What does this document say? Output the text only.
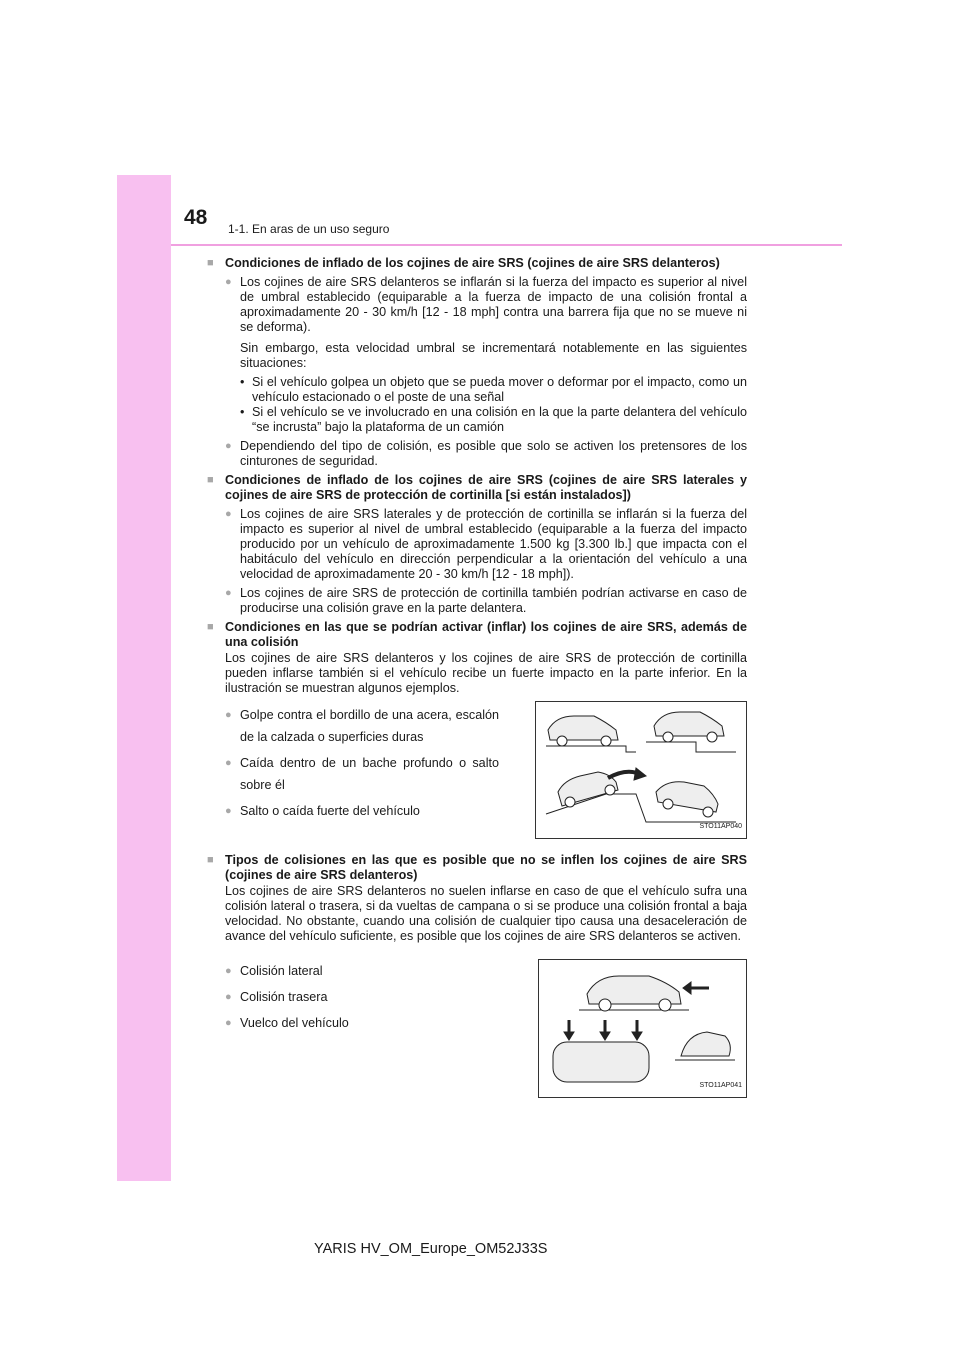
48 1-1. En aras de un uso seguro
■ Condiciones de inflado de los cojines de aire SRS (cojines de aire SRS delanteros)
● Los cojines de aire SRS delanteros se inflarán si la fuerza del impacto es superior al nivel de umbral establecido (equiparable a la fuerza de impacto de una colisión frontal a aproximadamente 20 - 30 km/h [12 - 18 mph] contra una barrera fija que no se mueve ni se deforma).
Sin embargo, esta velocidad umbral se incrementará notablemente en las siguientes situaciones:
• Si el vehículo golpea un objeto que se pueda mover o deformar por el impacto, como un vehículo estacionado o el poste de una señal
• Si el vehículo se ve involucrado en una colisión en la que la parte delantera del vehículo “se incrusta” bajo la plataforma de un camión
● Dependiendo del tipo de colisión, es posible que solo se activen los pretensores de los cinturones de seguridad.
■ Condiciones de inflado de los cojines de aire SRS (cojines de aire SRS laterales y cojines de aire SRS de protección de cortinilla [si están instalados])
● Los cojines de aire SRS laterales y de protección de cortinilla se inflarán si la fuerza del impacto es superior al nivel de umbral establecido (equiparable a la fuerza del impacto producido por un vehículo de aproximadamente 1.500 kg [3.300 lb.] que impacta con el habitáculo del vehículo en dirección perpendicular a la orientación del vehículo a una velocidad de aproximadamente 20 - 30 km/h [12 - 18 mph]).
● Los cojines de aire SRS de protección de cortinilla también podrían activarse en caso de producirse una colisión grave en la parte delantera.
■ Condiciones en las que se podrían activar (inflar) los cojines de aire SRS, además de una colisión
Los cojines de aire SRS delanteros y los cojines de aire SRS de protección de cortinilla pueden inflarse también si el vehículo recibe un fuerte impacto en la parte inferior. En la ilustración se muestran algunos ejemplos.
● Golpe contra el bordillo de una acera, escalón de la calzada o superficies duras
● Caída dentro de un bache profundo o salto sobre él
● Salto o caída fuerte del vehículo
STO11AP040
■ Tipos de colisiones en las que es posible que no se inflen los cojines de aire SRS (cojines de aire SRS delanteros)
Los cojines de aire SRS delanteros no suelen inflarse en caso de que el vehículo sufra una colisión lateral o trasera, si da vueltas de campana o si se produce una colisión frontal a baja velocidad. No obstante, cuando una colisión de cualquier tipo causa una desaceleración de avance del vehículo suficiente, es posible que los cojines de aire SRS delanteros se activen.
● Colisión lateral
● Colisión trasera
● Vuelco del vehículo
STO11AP041
YARIS HV_OM_Europe_OM52J33S
